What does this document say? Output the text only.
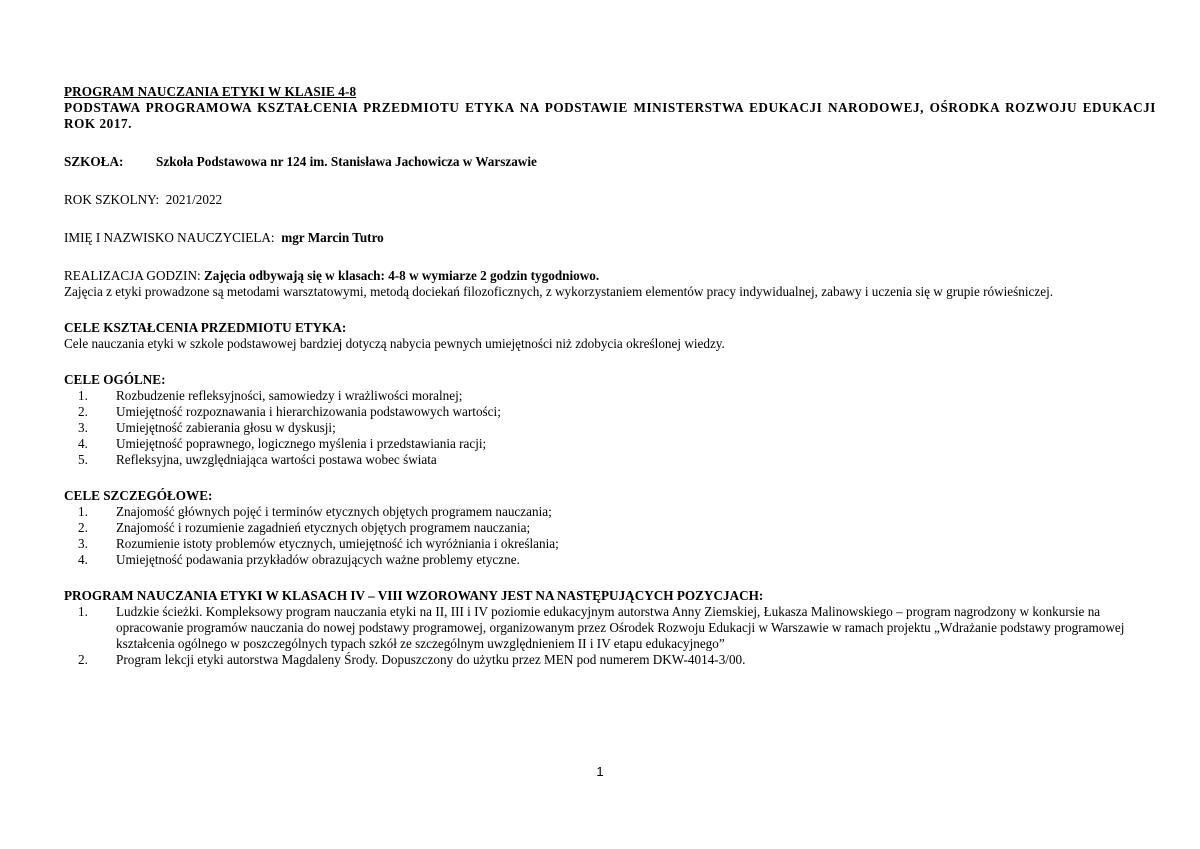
PROGRAM NAUCZANIA ETYKI W KLASIE 4-8

PODSTAWA PROGRAMOWA KSZTAŁCENIA PRZEDMIOTU ETYKA NA PODSTAWIE MINISTERSTWA EDUKACJI NARODOWEJ, OŚRODKA ROZWOJU EDUKACJI ROK 2017.

SZKOŁA: Szkoła Podstawowa nr 124 im. Stanisława Jachowicza w Warszawie

ROK SZKOLNY: 2021/2022

IMIĘ I NAZWISKO NAUCZYCIELA: mgr Marcin Tutro

REALIZACJA GODZIN: Zajęcia odbywają się w klasach: 4-8 w wymiarze 2 godzin tygodniowo.

Zajęcia z etyki prowadzone są metodami warsztatowymi, metodą dociekań filozoficznych, z wykorzystaniem elementów pracy indywidualnej, zabawy i uczenia się w grupie rówieśniczej.

CELE KSZTAŁCENIA PRZEDMIOTU ETYKA:

Cele nauczania etyki w szkole podstawowej bardziej dotyczą nabycia pewnych umiejętności niż zdobycia określonej wiedzy.

CELE OGÓLNE:

1.	Rozbudzenie refleksyjności, samowiedzy i wrażliwości moralnej;
2.	Umiejętność rozpoznawania i hierarchizowania podstawowych wartości;
3.	Umiejętność zabierania głosu w dyskusji;
4.	Umiejętność poprawnego, logicznego myślenia i przedstawiania racji;
5.	Refleksyjna, uwzględniająca wartości postawa wobec świata

CELE SZCZEGÓŁOWE:

1.	Znajomość głównych pojęć i terminów etycznych objętych programem nauczania;
2.	Znajomość i rozumienie zagadnień etycznych objętych programem nauczania;
3.	Rozumienie istoty problemów etycznych, umiejętność ich wyróżniania i określania;
4.	Umiejętność podawania przykładów obrazujących ważne problemy etyczne.

PROGRAM NAUCZANIA ETYKI W KLASACH IV – VIII WZOROWANY JEST NA NASTĘPUJĄCYCH POZYCJACH:

1.	Ludzkie ścieżki. Kompleksowy program nauczania etyki na II, III i IV poziomie edukacyjnym autorstwa Anny Ziemskiej, Łukasza Malinowskiego – program nagrodzony w konkursie na opracowanie programów nauczania do nowej podstawy programowej, organizowanym przez Ośrodek Rozwoju Edukacji w Warszawie w ramach projektu „Wdrażanie podstawy programowej kształcenia ogólnego w poszczególnych typach szkół ze szczególnym uwzględnieniem II i IV etapu edukacyjnego”
2.	Program lekcji etyki autorstwa Magdaleny Środy. Dopuszczony do użytku przez MEN pod numerem DKW-4014-3/00.
1
